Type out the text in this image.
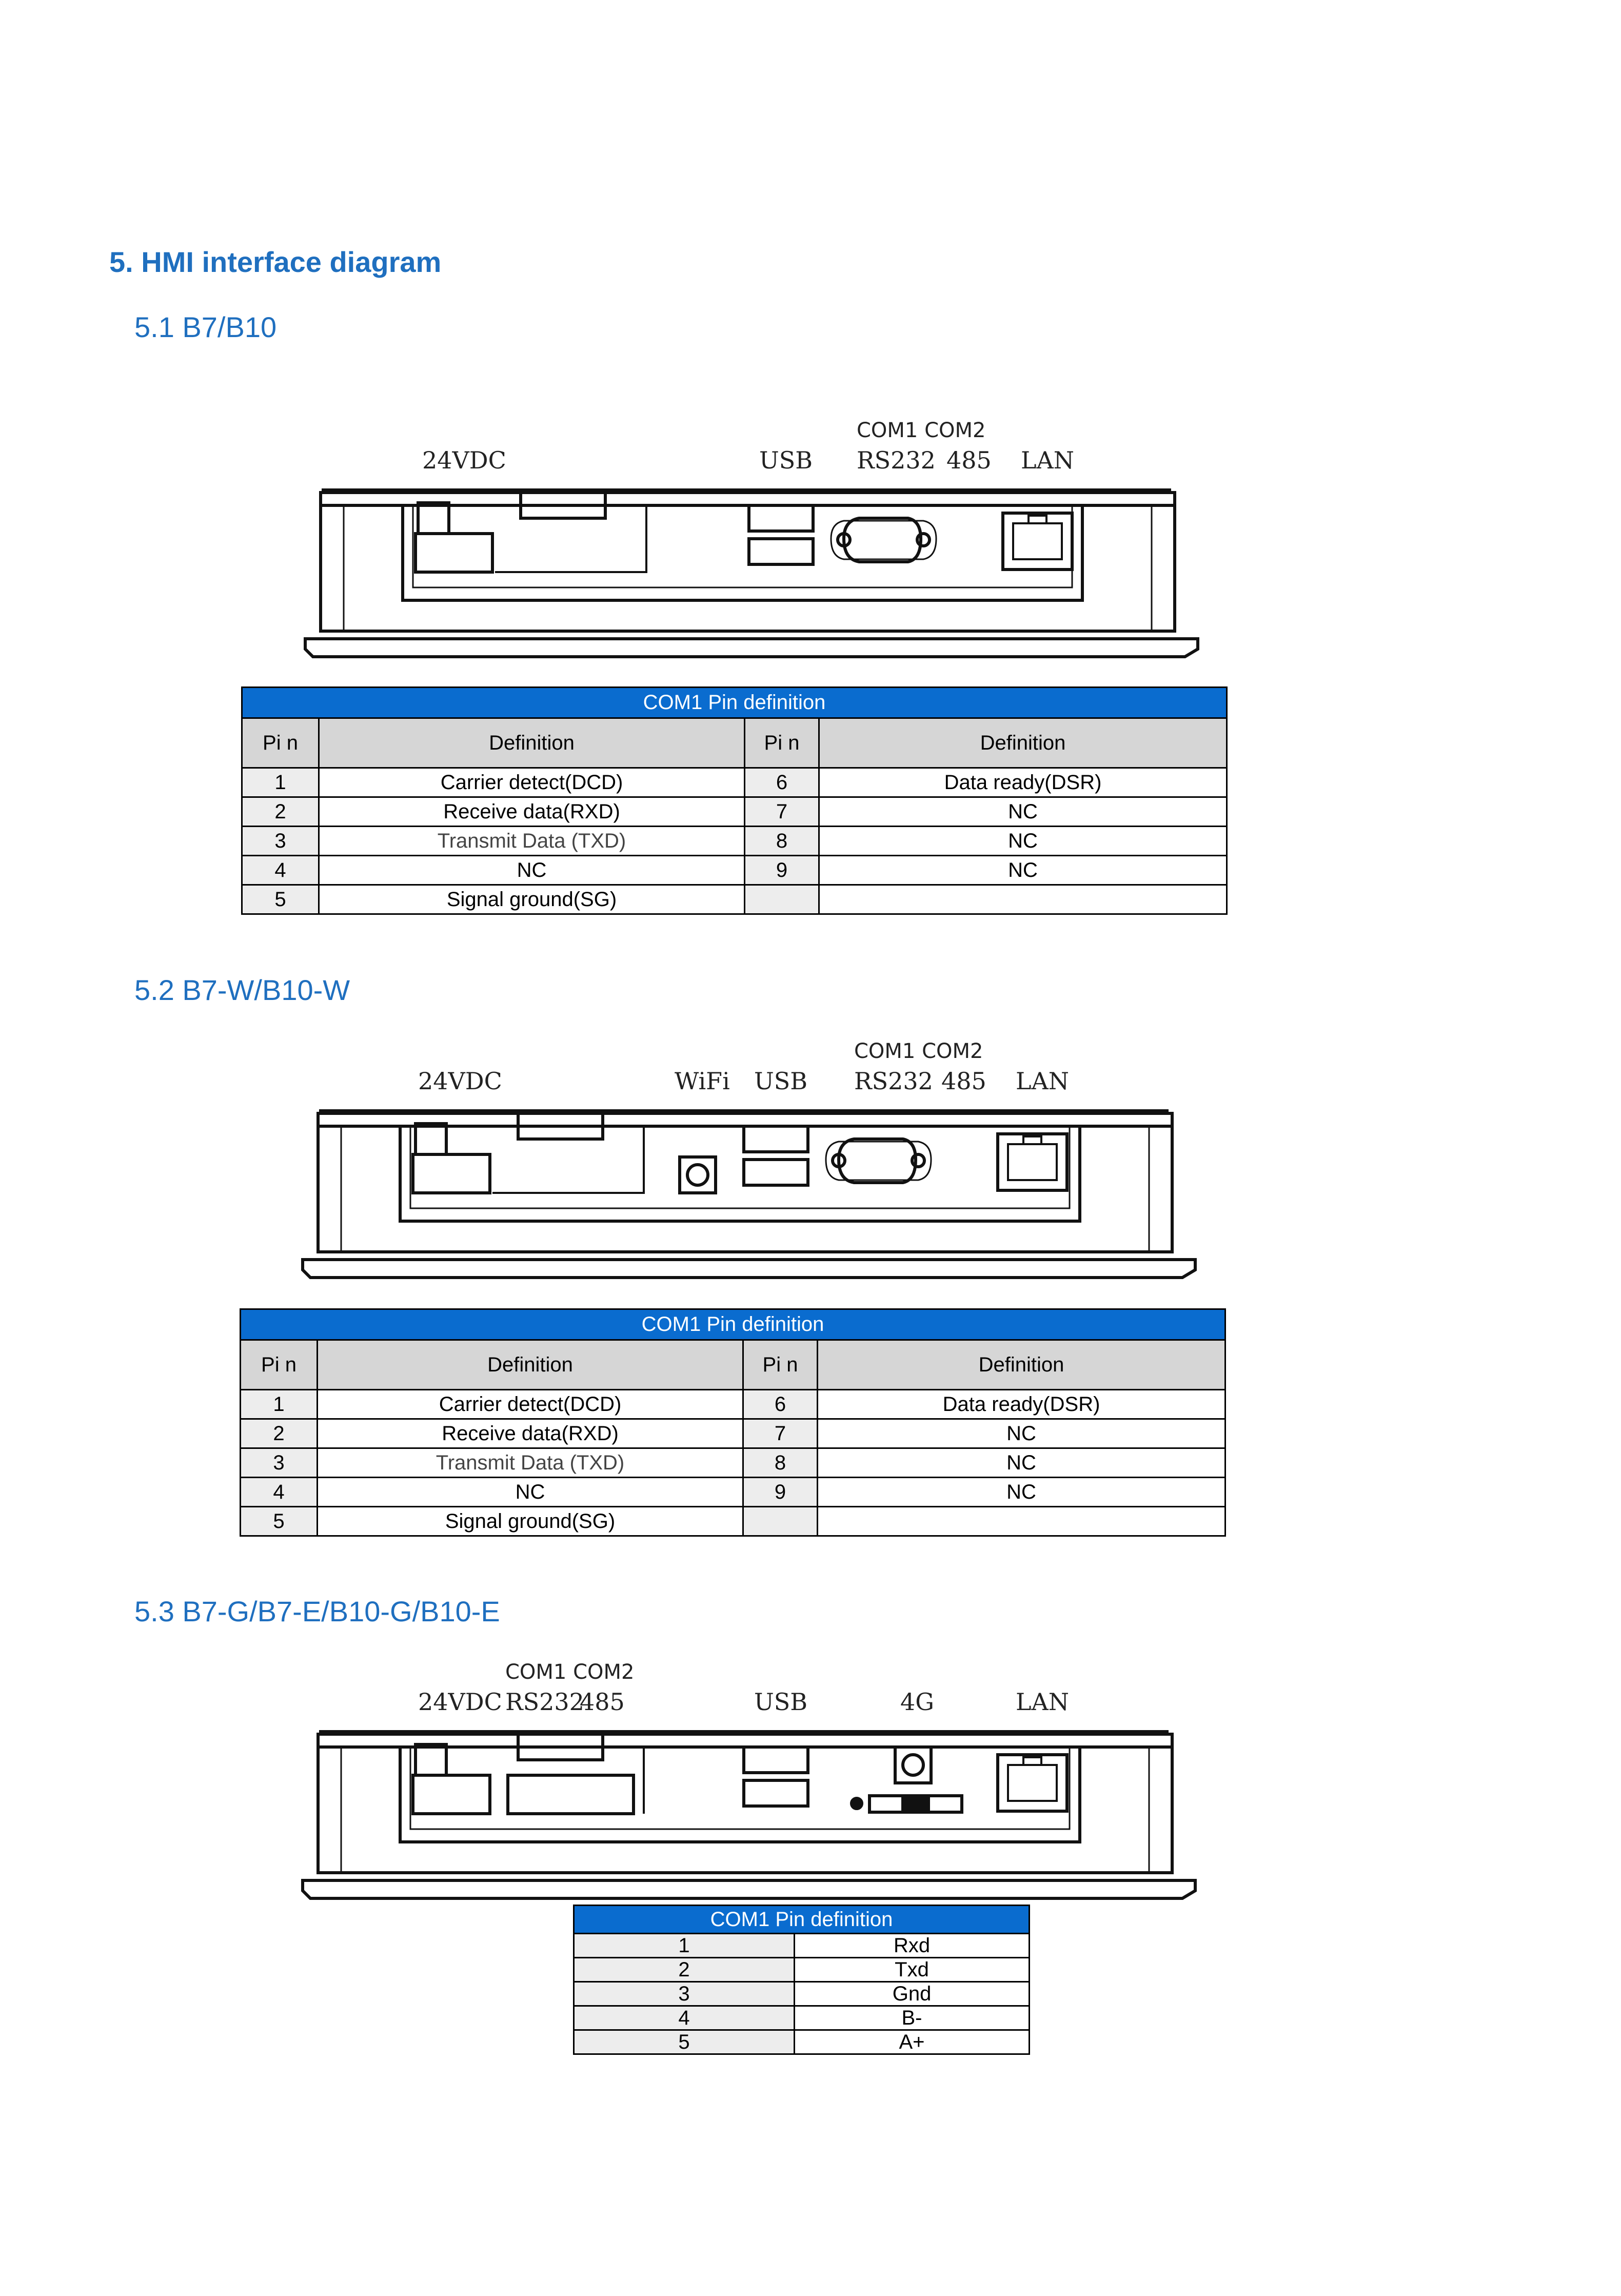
5. HMI interface diagram
5.1 B7/B10
COM1 COM2
24VDC	USB RS232 485 LAN
COM1 Pin definition			
Pi n	Definition	Pi n	Definition
1	Carrier detect(DCD)	6	Data ready(DSR)
2	Receive data(RXD)	7	NC
3	Transmit Data (TXD)	8	NC
4	NC	9	NC
5	Signal ground(SG)		
5.2 B7-W/B10-W
COM1 COM2
24VDC	WiFi USB RS232 485 LAN
COM1 Pin definition			
Pi n	Definition	Pi n	Definition
1	Carrier detect(DCD)	6	Data ready(DSR)
2	Receive data(RXD)	7	NC
3	Transmit Data (TXD)	8	NC
4	NC	9	NC
5	Signal ground(SG)		
5.3 B7-G/B7-E/B10-G/B10-E
COM1 COM2
24VDC RS232
485	USB	4G	LAN
COM1 Pin definition	
1	Rxd
2	Txd
3	Gnd
4	B-
5	A+
